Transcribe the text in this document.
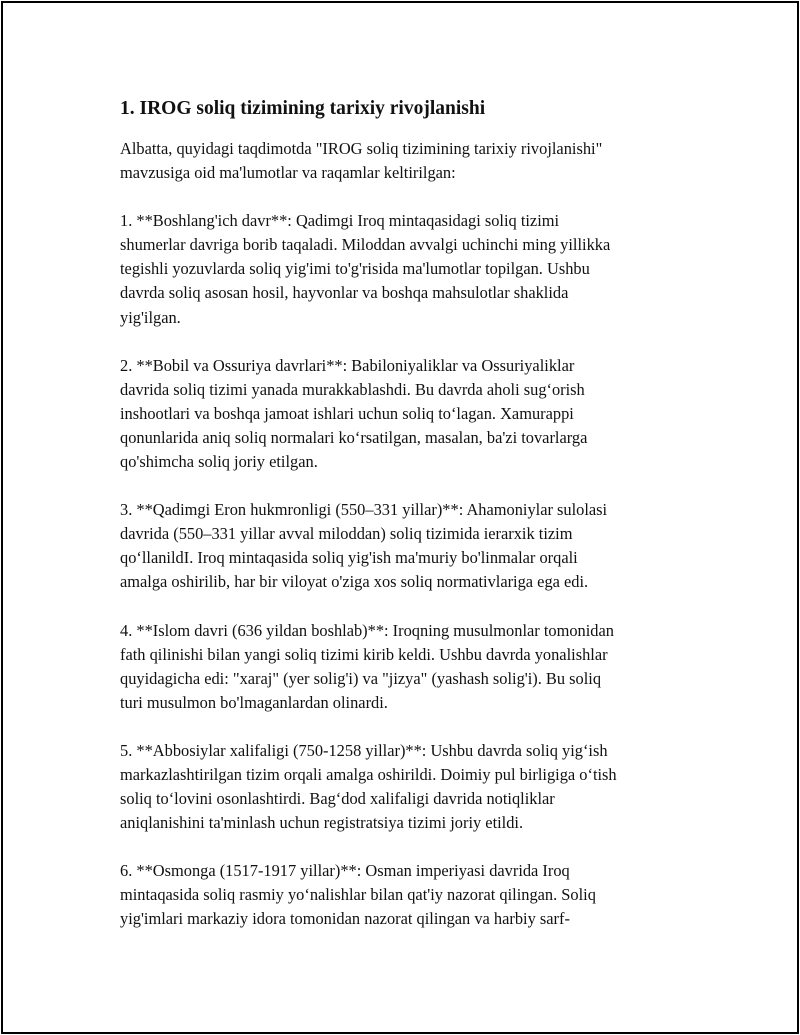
1. IROG soliq tizimining tarixiy rivojlanishi

Albatta, quyidagi taqdimotda "IROG soliq tizimining tarixiy rivojlanishi"
mavzusiga oid ma'lumotlar va raqamlar keltirilgan:

1. **Boshlang'ich davr**: Qadimgi Iroq mintaqasidagi soliq tizimi
shumerlar davriga borib taqaladi. Miloddan avvalgi uchinchi ming yillikka
tegishli yozuvlarda soliq yig'imi to'g'risida ma'lumotlar topilgan. Ushbu
davrda soliq asosan hosil, hayvonlar va boshqa mahsulotlar shaklida
yig'ilgan.

2. **Bobil va Ossuriya davrlari**: Babiloniyaliklar va Ossuriyaliklar
davrida soliq tizimi yanada murakkablashdi. Bu davrda aholi sug‘orish
inshootlari va boshqa jamoat ishlari uchun soliq to‘lagan. Xamurappi
qonunlarida aniq soliq normalari ko‘rsatilgan, masalan, ba'zi tovarlarga
qo'shimcha soliq joriy etilgan.

3. **Qadimgi Eron hukmronligi (550–331 yillar)**: Ahamoniylar sulolasi
davrida (550–331 yillar avval miloddan) soliq tizimida ierarxik tizim
qo‘llanildI. Iroq mintaqasida soliq yig'ish ma'muriy bo'linmalar orqali
amalga oshirilib, har bir viloyat o'ziga xos soliq normativlariga ega edi.

4. **Islom davri (636 yildan boshlab)**: Iroqning musulmonlar tomonidan
fath qilinishi bilan yangi soliq tizimi kirib keldi. Ushbu davrda yonalishlar
quyidagicha edi: "xaraj" (yer solig'i) va "jizya" (yashash solig'i). Bu soliq
turi musulmon bo'lmaganlardan olinardi.

5. **Abbosiylar xalifaligi (750-1258 yillar)**: Ushbu davrda soliq yig‘ish
markazlashtirilgan tizim orqali amalga oshirildi. Doimiy pul birligiga o‘tish
soliq to‘lovini osonlashtirdi. Bag‘dod xalifaligi davrida notiqliklar
aniqlanishini ta'minlash uchun registratsiya tizimi joriy etildi.

6. **Osmonga (1517-1917 yillar)**: Osman imperiyasi davrida Iroq
mintaqasida soliq rasmiy yo‘nalishlar bilan qat'iy nazorat qilingan. Soliq
yig'imlari markaziy idora tomonidan nazorat qilingan va harbiy sarf-
